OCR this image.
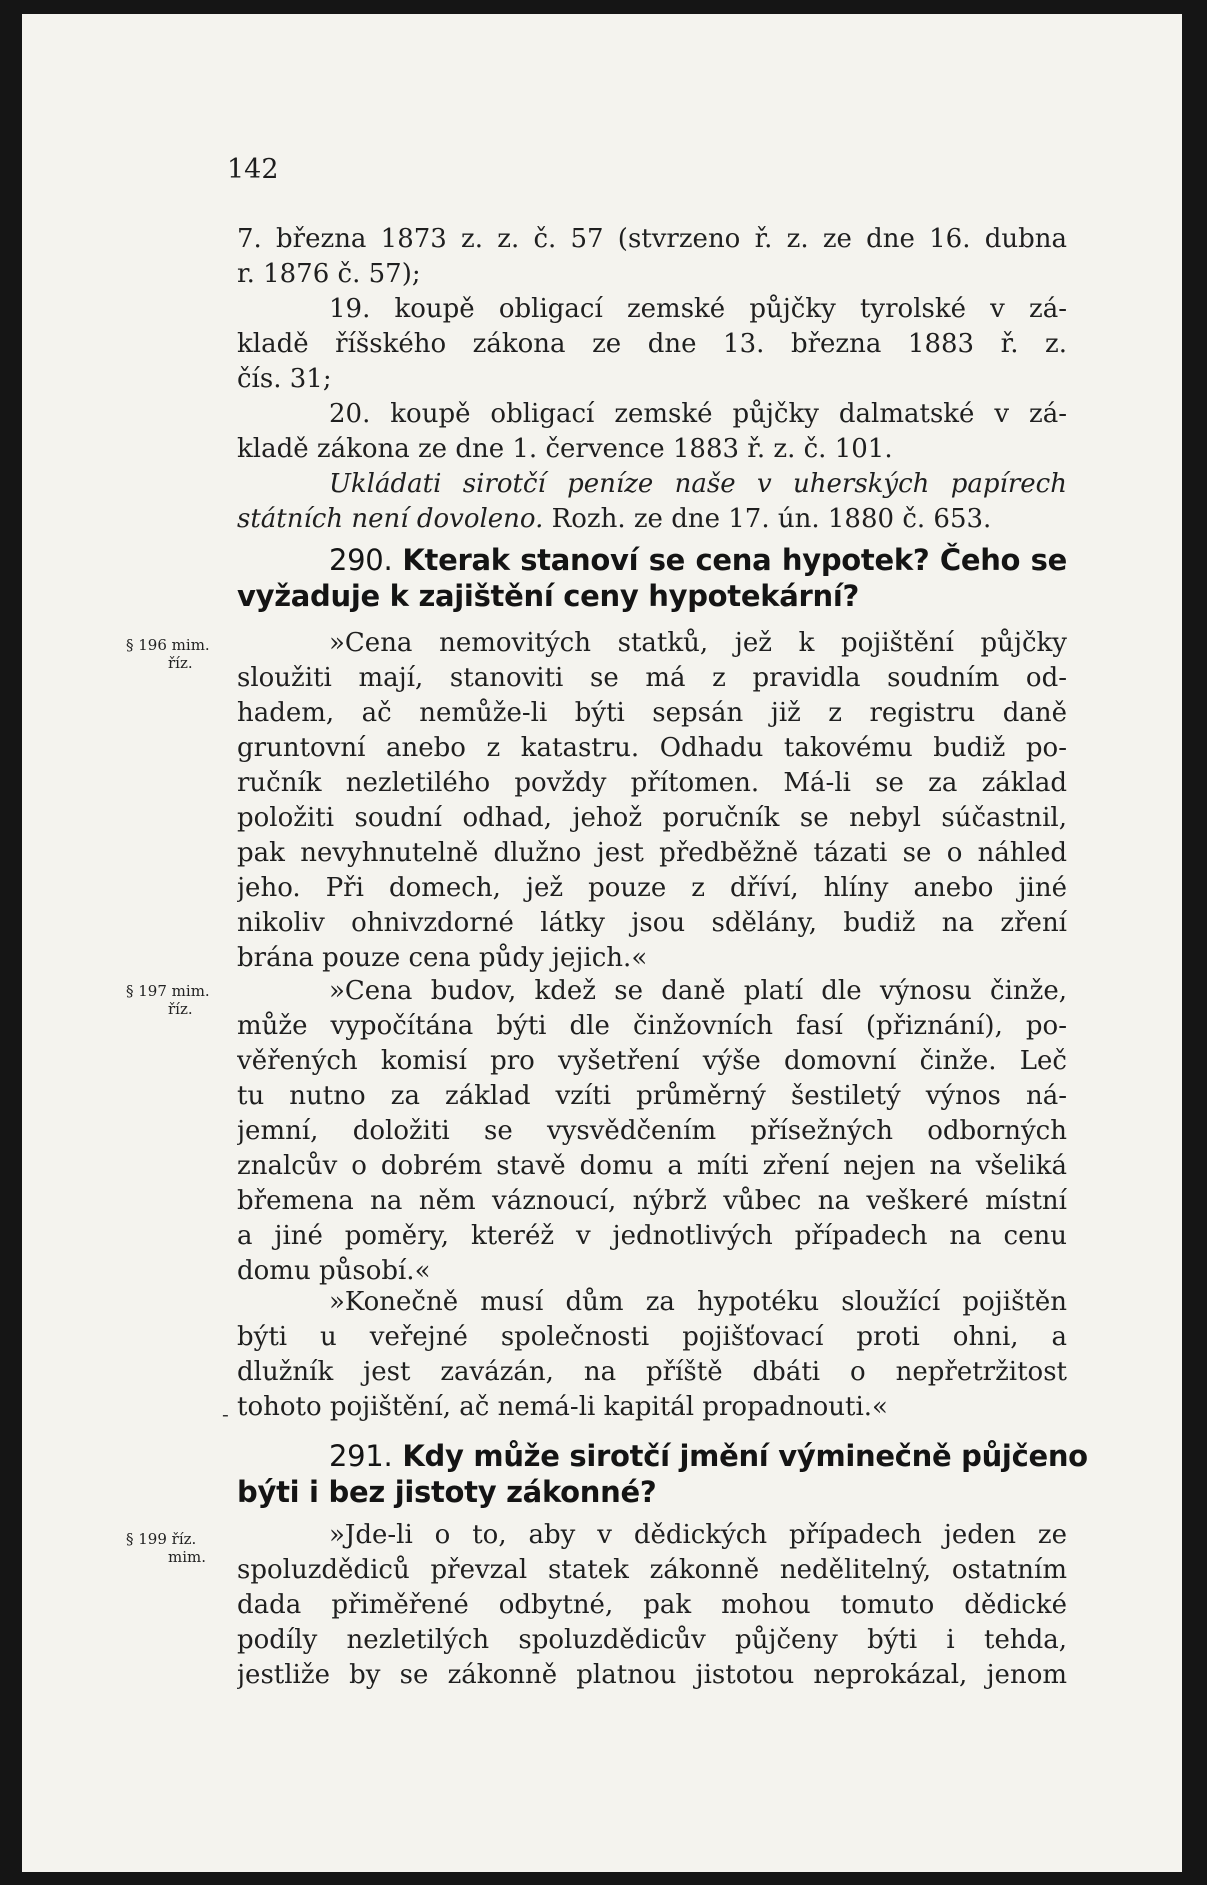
142
7. března 1873 z. z. č. 57 (stvrzeno ř. z. ze dne 16. dubna
r. 1876 č. 57);
19. koupě obligací zemské půjčky tyrolské v zá-
kladě říšského zákona ze dne 13. března 1883 ř. z.
čís. 31;
20. koupě obligací zemské půjčky dalmatské v zá-
kladě zákona ze dne 1. července 1883 ř. z. č. 101.
Ukládati sirotčí peníze naše v uherských papírech
státních není dovoleno. Rozh. ze dne 17. ún. 1880 č. 653.
290. Kterak stanoví se cena hypotek? Čeho se
vyžaduje k zajištění ceny hypotekární?
§ 196 mim.
říz.
»Cena nemovitých statků, jež k pojištění půjčky
sloužiti mají, stanoviti se má z pravidla soudním od-
hadem, ač nemůže-li býti sepsán již z registru daně
gruntovní anebo z katastru. Odhadu takovému budiž po-
ručník nezletilého povždy přítomen. Má-li se za základ
položiti soudní odhad, jehož poručník se nebyl súčastnil,
pak nevyhnutelně dlužno jest předběžně tázati se o náhled
jeho. Při domech, jež pouze z dříví, hlíny anebo jiné
nikoliv ohnivzdorné látky jsou sdělány, budiž na zření
brána pouze cena půdy jejich.«
§ 197 mim.
říz.
»Cena budov, kdež se daně platí dle výnosu činže,
může vypočítána býti dle činžovních fasí (přiznání), po-
věřených komisí pro vyšetření výše domovní činže. Leč
tu nutno za základ vzíti průměrný šestiletý výnos ná-
jemní, doložiti se vysvědčením přísežných odborných
znalcův o dobrém stavě domu a míti zření nejen na všeliká
břemena na něm váznoucí, nýbrž vůbec na veškeré místní
a jiné poměry, kteréž v jednotlivých případech na cenu
domu působí.«
»Konečně musí dům za hypotéku sloužící pojištěn
býti u veřejné společnosti pojišťovací proti ohni, a
dlužník jest zavázán, na příště dbáti o nepřetržitost
tohoto pojištění, ač nemá-li kapitál propadnouti.«
‑
291. Kdy může sirotčí jmění výminečně půjčeno
býti i bez jistoty zákonné?
§ 199 říz.
mim.
»Jde-li o to, aby v dědických případech jeden ze
spoluzdědiců převzal statek zákonně nedělitelný, ostatním
dada přiměřené odbytné, pak mohou tomuto dědické
podíly nezletilých spoluzdědicův půjčeny býti i tehda,
jestliže by se zákonně platnou jistotou neprokázal, jenom
